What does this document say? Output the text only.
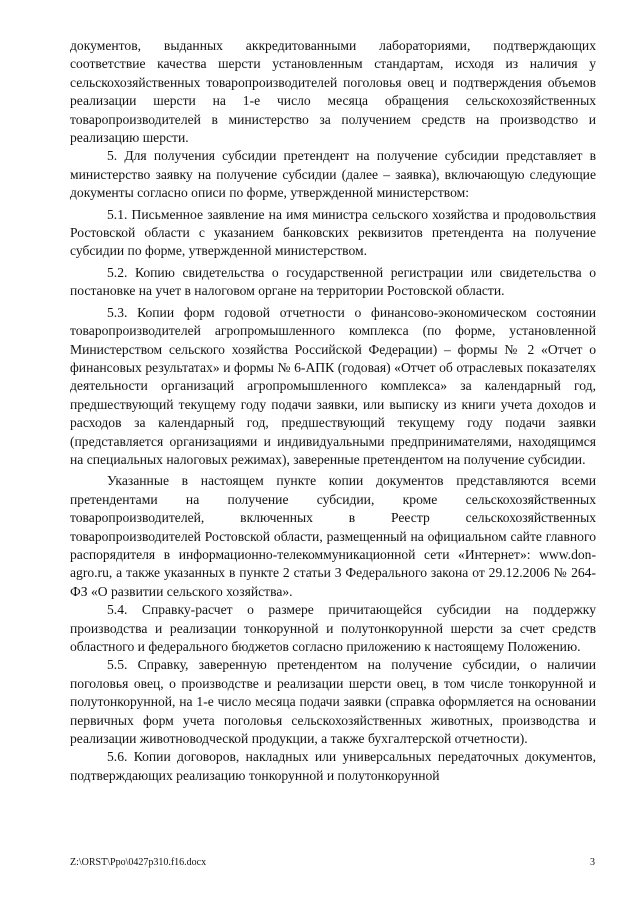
документов, выданных аккредитованными лабораториями, подтверждающих соответствие качества шерсти установленным стандартам, исходя из наличия у сельскохозяйственных товаропроизводителей поголовья овец и подтверждения объемов реализации шерсти на 1-е число месяца обращения сельскохозяйственных товаропроизводителей в министерство за получением средств на производство и реализацию шерсти.

5. Для получения субсидии претендент на получение субсидии представляет в министерство заявку на получение субсидии (далее – заявка), включающую следующие документы согласно описи по форме, утвержденной министерством:

5.1. Письменное заявление на имя министра сельского хозяйства и продовольствия Ростовской области с указанием банковских реквизитов претендента на получение субсидии по форме, утвержденной министерством.

5.2. Копию свидетельства о государственной регистрации или свидетельства о постановке на учет в налоговом органе на территории Ростовской области.

5.3. Копии форм годовой отчетности о финансово-экономическом состоянии товаропроизводителей агропромышленного комплекса (по форме, установленной Министерством сельского хозяйства Российской Федерации) – формы № 2 «Отчет о финансовых результатах» и формы № 6-АПК (годовая) «Отчет об отраслевых показателях деятельности организаций агропромышленного комплекса» за календарный год, предшествующий текущему году подачи заявки, или выписку из книги учета доходов и расходов за календарный год, предшествующий текущему году подачи заявки (представляется организациями и индивидуальными предпринимателями, находящимся на специальных налоговых режимах), заверенные претендентом на получение субсидии.

Указанные в настоящем пункте копии документов представляются всеми претендентами на получение субсидии, кроме сельскохозяйственных товаропроизводителей, включенных в Реестр сельскохозяйственных товаропроизводителей Ростовской области, размещенный на официальном сайте главного распорядителя в информационно-телекоммуникационной сети «Интернет»: www.don-agro.ru, а также указанных в пункте 2 статьи 3 Федерального закона от 29.12.2006 № 264-ФЗ «О развитии сельского хозяйства».

5.4. Справку-расчет о размере причитающейся субсидии на поддержку производства и реализации тонкорунной и полутонкорунной шерсти за счет средств областного и федерального бюджетов согласно приложению к настоящему Положению.

5.5. Справку, заверенную претендентом на получение субсидии, о наличии поголовья овец, о производстве и реализации шерсти овец, в том числе тонкорунной и полутонкорунной, на 1-е число месяца подачи заявки (справка оформляется на основании первичных форм учета поголовья сельскохозяйственных животных, производства и реализации животноводческой продукции, а также бухгалтерской отчетности).

5.6. Копии договоров, накладных или универсальных передаточных документов, подтверждающих реализацию тонкорунной и полутонкорунной

Z:\ORST\Ppo\0427p310.f16.docx	3
